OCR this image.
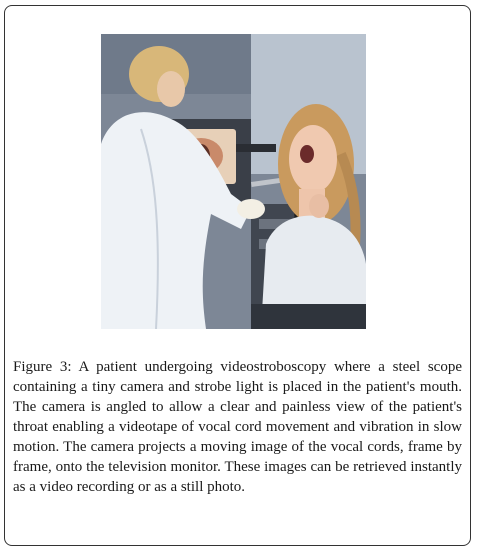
Figure 3: A patient undergoing videostroboscopy where a steel scope containing a tiny camera and strobe light is placed in the patient's mouth. The camera is angled to allow a clear and painless view of the patient's throat enabling a videotape of vocal cord movement and vibration in slow motion. The camera projects a moving image of the vocal cords, frame by frame, onto the television monitor. These images can be retrieved instantly as a video recording or as a still photo.
